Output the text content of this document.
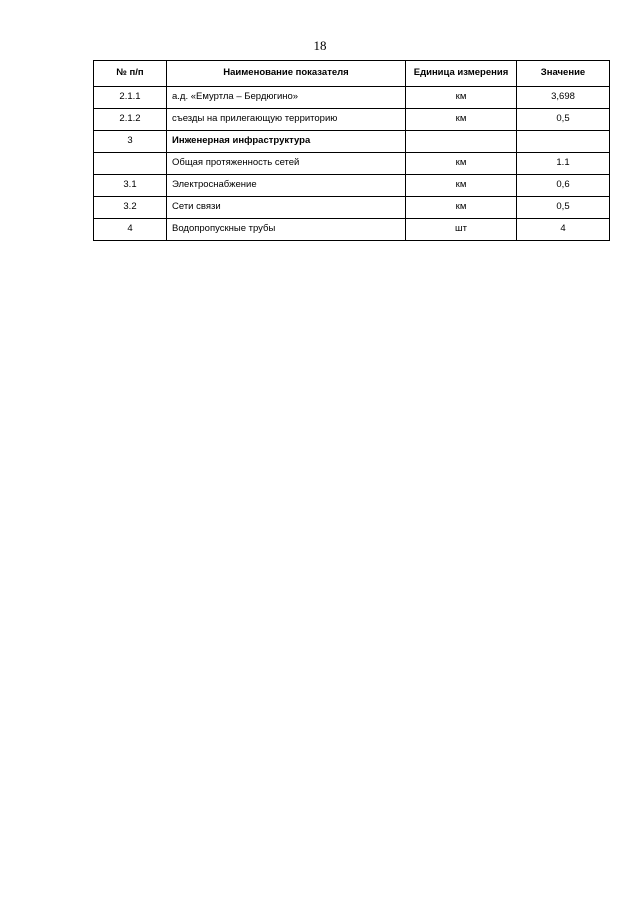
18
№ п/п	Наименование показателя	Единица измерения	Значение
2.1.1	а.д. «Емуртла – Бердюгино»	км	3,698
2.1.2	съезды на прилегающую территорию	км	0,5
3	Инженерная инфраструктура		
	Общая протяженность сетей	км	1.1
3.1	Электроснабжение	км	0,6
3.2	Сети связи	км	0,5
4	Водопропускные трубы	шт	4
